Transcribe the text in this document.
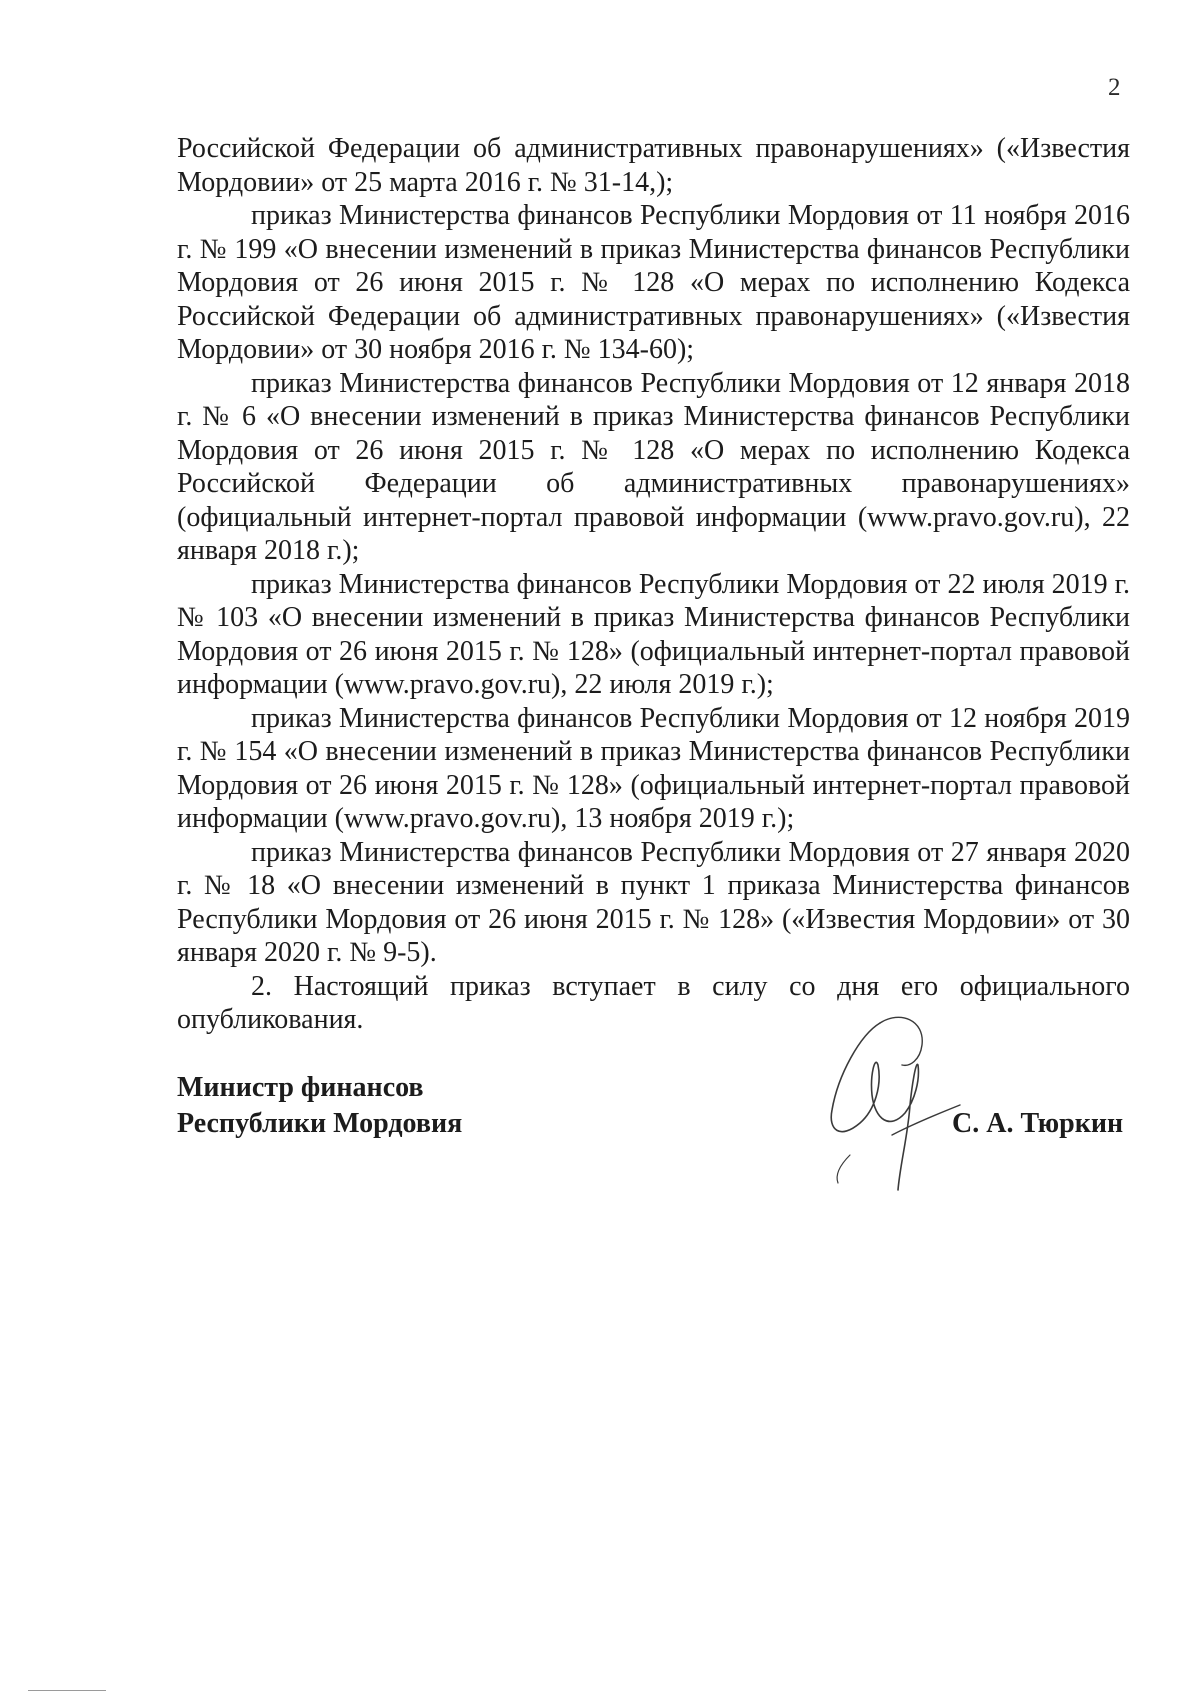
2

Российской Федерации об административных правонарушениях» («Известия Мордовии» от 25 марта 2016 г. № 31-14,);

приказ Министерства финансов Республики Мордовия от 11 ноября 2016 г. № 199 «О внесении изменений в приказ Министерства финансов Республики Мордовия от 26 июня 2015 г. № 128 «О мерах по исполнению Кодекса Российской Федерации об административных правонарушениях» («Известия Мордовии» от 30 ноября 2016 г. № 134-60);

приказ Министерства финансов Республики Мордовия от 12 января 2018 г. № 6 «О внесении изменений в приказ Министерства финансов Республики Мордовия от 26 июня 2015 г. № 128 «О мерах по исполнению Кодекса Российской Федерации об административных правонарушениях» (официальный интернет-портал правовой информации (www.pravo.gov.ru), 22 января 2018 г.);

приказ Министерства финансов Республики Мордовия от 22 июля 2019 г. № 103 «О внесении изменений в приказ Министерства финансов Республики Мордовия от 26 июня 2015 г. № 128» (официальный интернет-портал правовой информации (www.pravo.gov.ru), 22 июля 2019 г.);

приказ Министерства финансов Республики Мордовия от 12 ноября 2019 г. № 154 «О внесении изменений в приказ Министерства финансов Республики Мордовия от 26 июня 2015 г. № 128» (официальный интернет-портал правовой информации (www.pravo.gov.ru), 13 ноября 2019 г.);

приказ Министерства финансов Республики Мордовия от 27 января 2020 г. № 18 «О внесении изменений в пункт 1 приказа Министерства финансов Республики Мордовия от 26 июня 2015 г. № 128» («Известия Мордовии» от 30 января 2020 г. № 9-5).

2. Настоящий приказ вступает в силу со дня его официального опубликования.

Министр финансов
Республики Мордовия	С. А. Тюркин
